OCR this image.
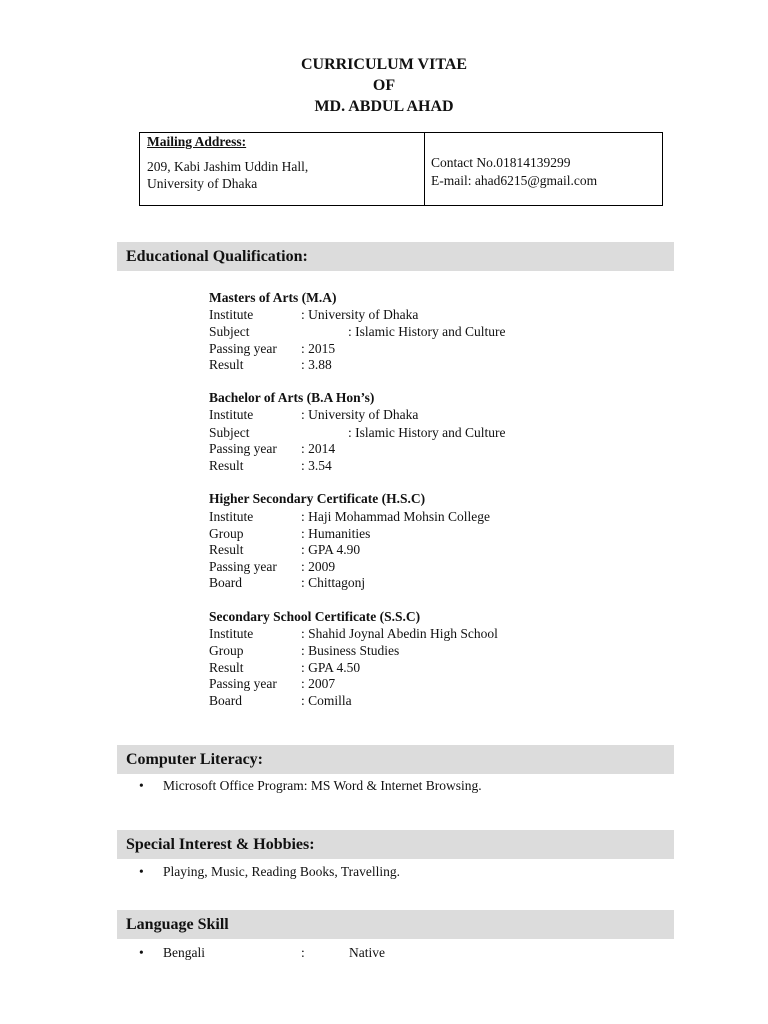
CURRICULUM VITAE
OF
MD. ABDUL AHAD
Mailing Address:
209, Kabi Jashim Uddin Hall,
University of Dhaka
Contact No.01814139299
E-mail: ahad6215@gmail.com
Educational Qualification:
Masters of Arts (M.A)
Institute	: University of Dhaka
Subject	: Islamic History and Culture
Passing year : 2015
Result	: 3.88
Bachelor of Arts (B.A Hon’s)
Institute	: University of Dhaka
Subject	: Islamic History and Culture
Passing year : 2014
Result	: 3.54
Higher Secondary Certificate (H.S.C)
Institute	: Haji Mohammad Mohsin College
Group	: Humanities
Result	: GPA 4.90
Passing year : 2009
Board	: Chittagonj
Secondary School Certificate (S.S.C)
Institute	: Shahid Joynal Abedin High School
Group	: Business Studies
Result	: GPA 4.50
Passing year : 2007
Board	: Comilla
Computer Literacy:
• Microsoft Office Program: MS Word & Internet Browsing.
Special Interest & Hobbies:
• Playing, Music, Reading Books, Travelling.
Language Skill
• Bengali	:	Native
